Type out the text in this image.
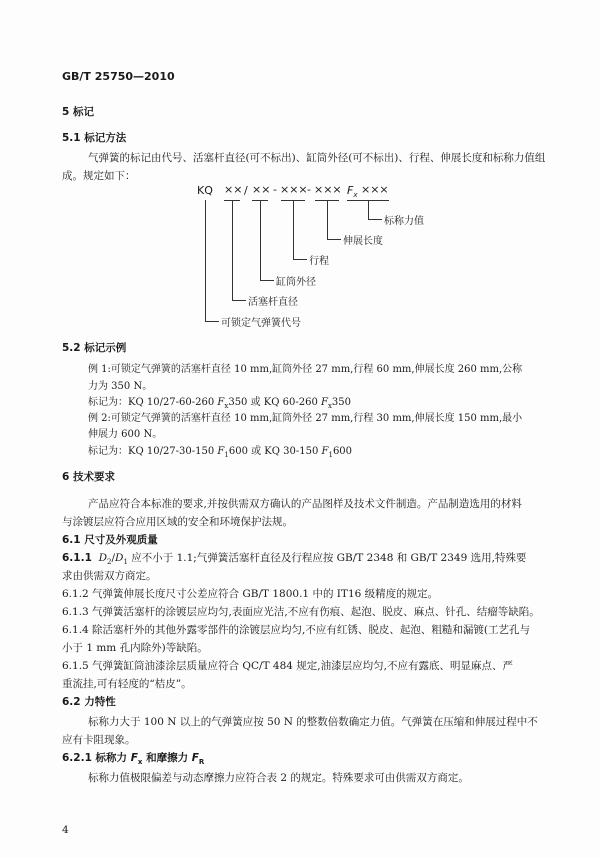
GB/T 25750—2010
5 标记
5.1 标记方法
气弹簧的标记由代号、活塞杆直径(可不标出)、缸筒外径(可不标出)、行程、伸展长度和标称力值组
成。规定如下：
KQ ×× / ×× - ××× - ××× $F_x$ ×××
标称力值
伸展长度
行程
缸筒外径
活塞杆直径
可锁定气弹簧代号
5.2 标记示例
例 1:可锁定气弹簧的活塞杆直径 10 mm,缸筒外径 27 mm,行程 60 mm,伸展长度 260 mm,公称
力为 350 N。
标记为：KQ 10/27-60-260 $F_x350$ 或 KQ 60-260 $F_x350$
例 2:可锁定气弹簧的活塞杆直径 10 mm,缸筒外径 27 mm,行程 30 mm,伸展长度 150 mm,最小
伸展力 600 N。
标记为：KQ 10/27-30-150 $F_1600$ 或 KQ 30-150 $F_1600$
6 技术要求
产品应符合本标准的要求,并按供需双方确认的产品图样及技术文件制造。产品制造选用的材料
与涂镀层应符合应用区域的安全和环境保护法规。
6.1 尺寸及外观质量
6.1.1 $D_2/D_1$ 应不小于 1.1;气弹簧活塞杆直径及行程应按 GB/T 2348 和 GB/T 2349 选用,特殊要
求由供需双方商定。
6.1.2 气弹簧伸展长度尺寸公差应符合 GB/T 1800.1 中的 IT16 级精度的规定。
6.1.3 气弹簧活塞杆的涂镀层应均匀,表面应光洁,不应有伤痕、起泡、脱皮、麻点、针孔、结瘤等缺陷。
6.1.4 除活塞杆外的其他外露零部件的涂镀层应均匀,不应有红锈、脱皮、起泡、粗糙和漏镀(工艺孔与
小于 1 mm 孔内除外)等缺陷。
6.1.5 气弹簧缸筒油漆涂层质量应符合 QC/T 484 规定,油漆层应均匀,不应有露底、明显麻点、严
重流挂,可有轻度的“桔皮”。
6.2 力特性
标称力大于 100 N 以上的气弹簧应按 50 N 的整数倍数确定力值。气弹簧在压缩和伸展过程中不
应有卡阻现象。
6.2.1 标称力 $F_x$ 和摩擦力 $F_R$
标称力值极限偏差与动态摩擦力应符合表 2 的规定。特殊要求可由供需双方商定。
4
